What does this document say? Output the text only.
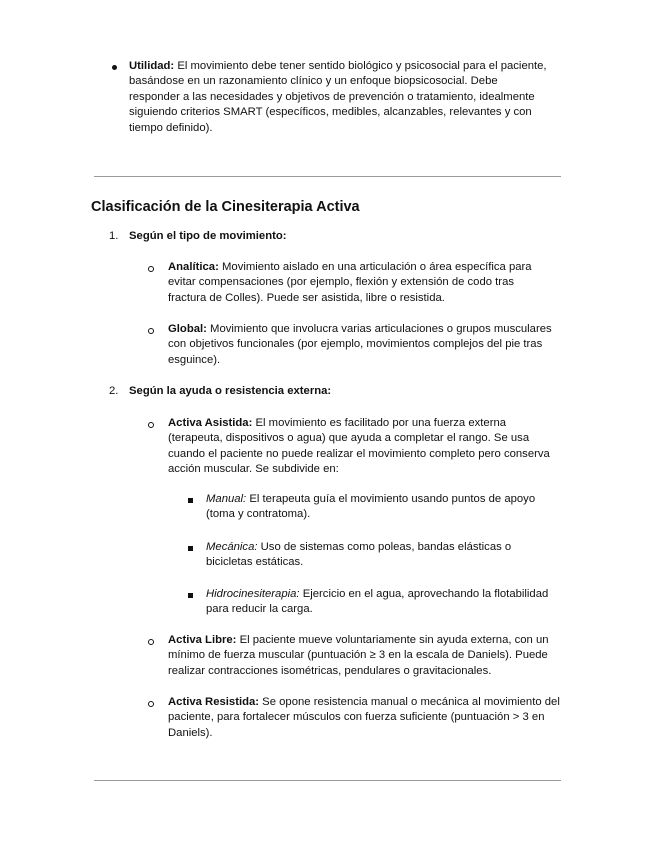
Utilidad: El movimiento debe tener sentido biológico y psicosocial para el paciente, basándose en un razonamiento clínico y un enfoque biopsicosocial. Debe responder a las necesidades y objetivos de prevención o tratamiento, idealmente siguiendo criterios SMART (específicos, medibles, alcanzables, relevantes y con tiempo definido).
Clasificación de la Cinesiterapia Activa
1. Según el tipo de movimiento:
Analítica: Movimiento aislado en una articulación o área específica para evitar compensaciones (por ejemplo, flexión y extensión de codo tras fractura de Colles). Puede ser asistida, libre o resistida.
Global: Movimiento que involucra varias articulaciones o grupos musculares con objetivos funcionales (por ejemplo, movimientos complejos del pie tras esguince).
2. Según la ayuda o resistencia externa:
Activa Asistida: El movimiento es facilitado por una fuerza externa (terapeuta, dispositivos o agua) que ayuda a completar el rango. Se usa cuando el paciente no puede realizar el movimiento completo pero conserva acción muscular. Se subdivide en:
Manual: El terapeuta guía el movimiento usando puntos de apoyo (toma y contratoma).
Mecánica: Uso de sistemas como poleas, bandas elásticas o bicicletas estáticas.
Hidrocinesiterapia: Ejercicio en el agua, aprovechando la flotabilidad para reducir la carga.
Activa Libre: El paciente mueve voluntariamente sin ayuda externa, con un mínimo de fuerza muscular (puntuación ≥ 3 en la escala de Daniels). Puede realizar contracciones isométricas, pendulares o gravitacionales.
Activa Resistida: Se opone resistencia manual o mecánica al movimiento del paciente, para fortalecer músculos con fuerza suficiente (puntuación > 3 en Daniels).
